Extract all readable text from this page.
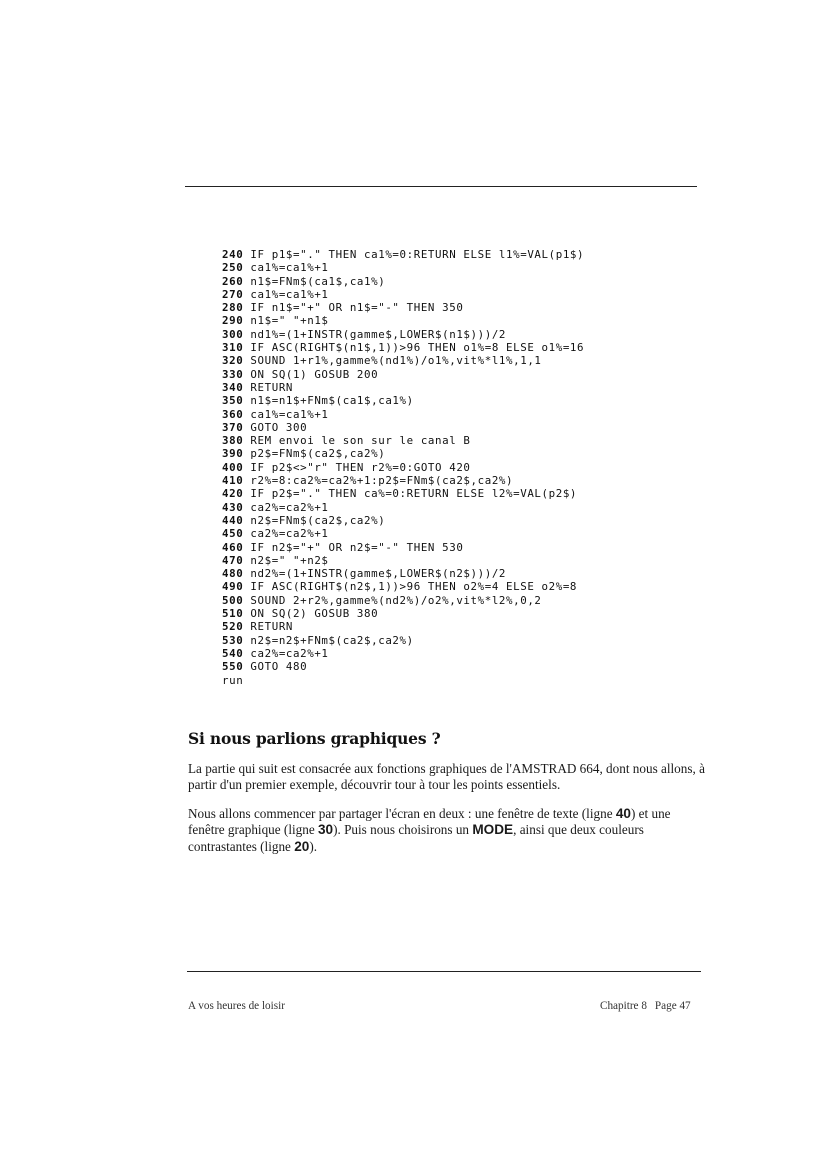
240 IF p1$="." THEN ca1%=0:RETURN ELSE l1%=VAL(p1$)
250 ca1%=ca1%+1
260 n1$=FNm$(ca1$,ca1%)
270 ca1%=ca1%+1
280 IF n1$="+" OR n1$="-" THEN 350
290 n1$=" "+n1$
300 nd1%=(1+INSTR(gamme$,LOWER$(n1$)))/2
310 IF ASC(RIGHT$(n1$,1))>96 THEN o1%=8 ELSE o1%=16
320 SOUND 1+r1%,gamme%(nd1%)/o1%,vit%*l1%,1,1
330 ON SQ(1) GOSUB 200
340 RETURN
350 n1$=n1$+FNm$(ca1$,ca1%)
360 ca1%=ca1%+1
370 GOTO 300
380 REM envoi le son sur le canal B
390 p2$=FNm$(ca2$,ca2%)
400 IF p2$<>"r" THEN r2%=0:GOTO 420
410 r2%=8:ca2%=ca2%+1:p2$=FNm$(ca2$,ca2%)
420 IF p2$="." THEN ca%=0:RETURN ELSE l2%=VAL(p2$)
430 ca2%=ca2%+1
440 n2$=FNm$(ca2$,ca2%)
450 ca2%=ca2%+1
460 IF n2$="+" OR n2$="-" THEN 530
470 n2$=" "+n2$
480 nd2%=(1+INSTR(gamme$,LOWER$(n2$)))/2
490 IF ASC(RIGHT$(n2$,1))>96 THEN o2%=4 ELSE o2%=8
500 SOUND 2+r2%,gamme%(nd2%)/o2%,vit%*l2%,0,2
510 ON SQ(2) GOSUB 380
520 RETURN
530 n2$=n2$+FNm$(ca2$,ca2%)
540 ca2%=ca2%+1
550 GOTO 480
run
Si nous parlions graphiques ?

La partie qui suit est consacrée aux fonctions graphiques de l'AMSTRAD 664, dont nous allons, à partir d'un premier exemple, découvrir tour à tour les points essentiels.

Nous allons commencer par partager l'écran en deux : une fenêtre de texte (ligne 40) et une fenêtre graphique (ligne 30). Puis nous choisirons un MODE, ainsi que deux couleurs contrastantes (ligne 20).

A vos heures de loisir	Chapitre 8 Page 47
